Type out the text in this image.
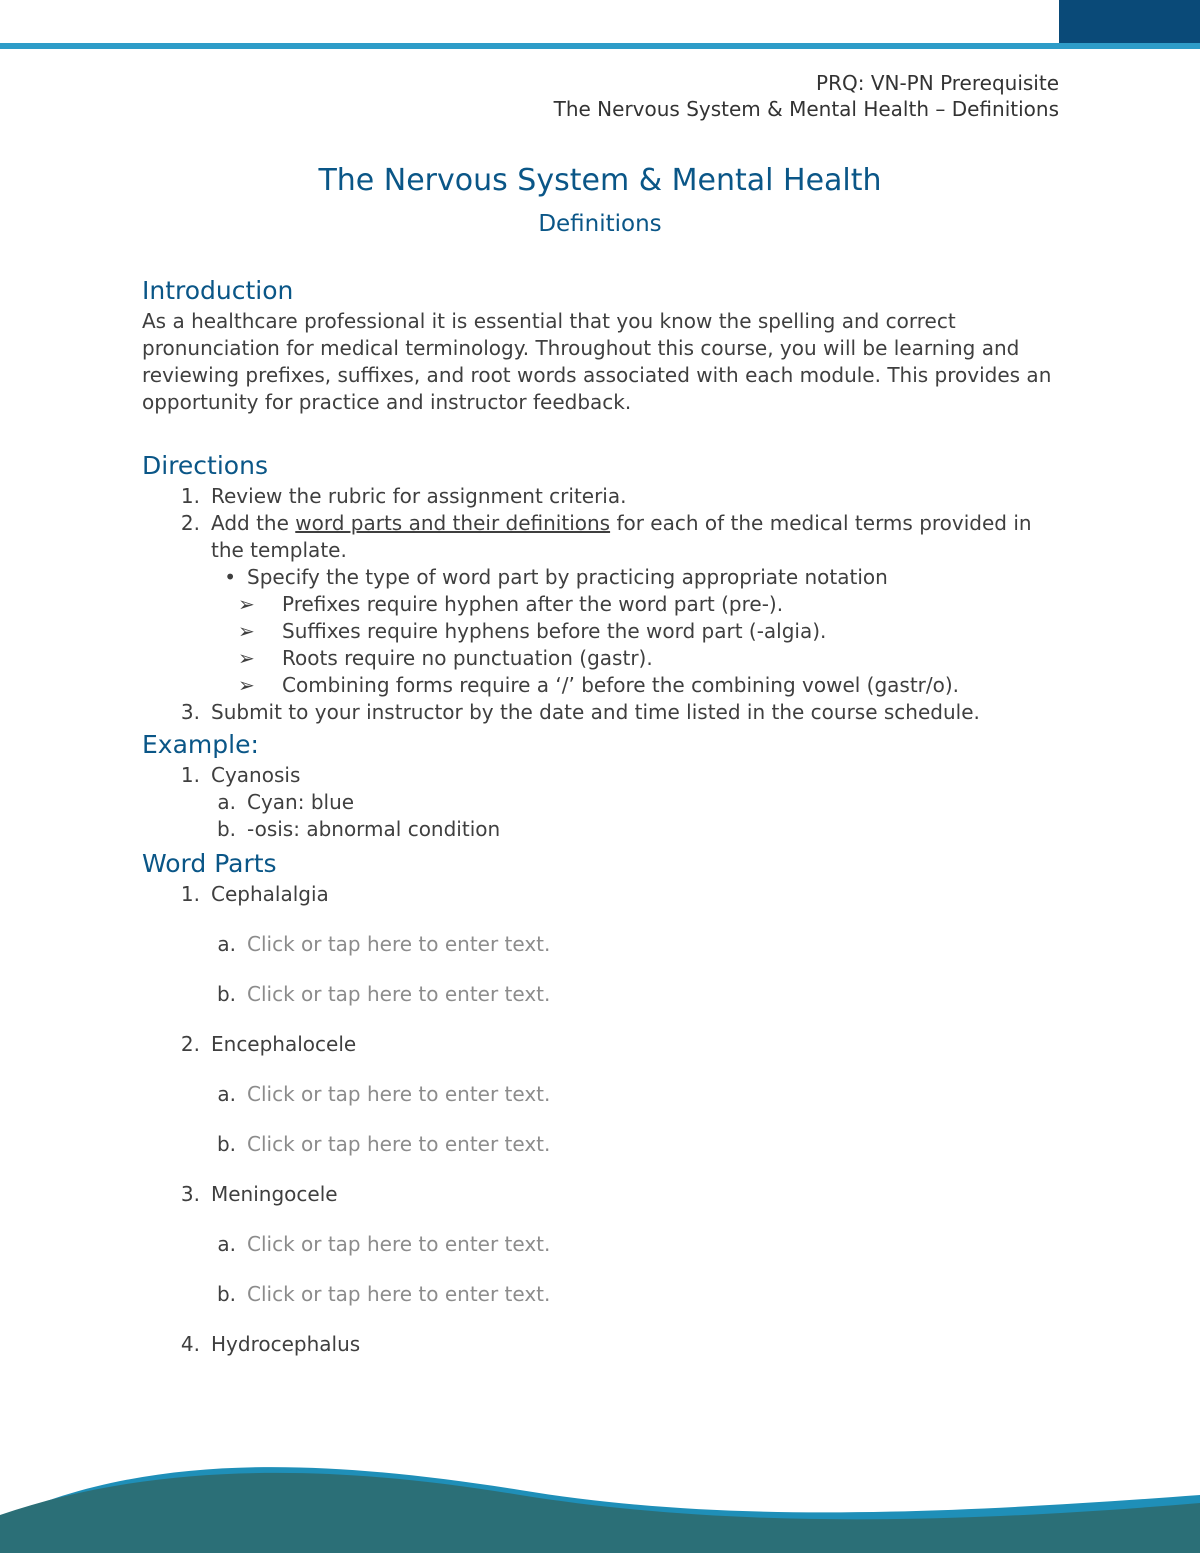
PRQ: VN-PN Prerequisite
The Nervous System & Mental Health – Definitions
The Nervous System & Mental Health
Definitions
Introduction

As a healthcare professional it is essential that you know the spelling and correct pronunciation for medical terminology. Throughout this course, you will be learning and reviewing prefixes, suffixes, and root words associated with each module. This provides an opportunity for practice and instructor feedback.

Directions
1. Review the rubric for assignment criteria.
2. Add the word parts and their definitions for each of the medical terms provided in the template.
• Specify the type of word part by practicing appropriate notation
➢	Prefixes require hyphen after the word part (pre-).
➢	Suffixes require hyphens before the word part (-algia).
➢	Roots require no punctuation (gastr).
➢	Combining forms require a ‘/’ before the combining vowel (gastr/o).
3. Submit to your instructor by the date and time listed in the course schedule.
Example:
1. Cyanosis
a. Cyan: blue
b. -osis: abnormal condition
Word Parts
1. Cephalalgia
a. Click or tap here to enter text.
b. Click or tap here to enter text.
2. Encephalocele
a. Click or tap here to enter text.
b. Click or tap here to enter text.
3. Meningocele
a. Click or tap here to enter text.
b. Click or tap here to enter text.
4. Hydrocephalus
